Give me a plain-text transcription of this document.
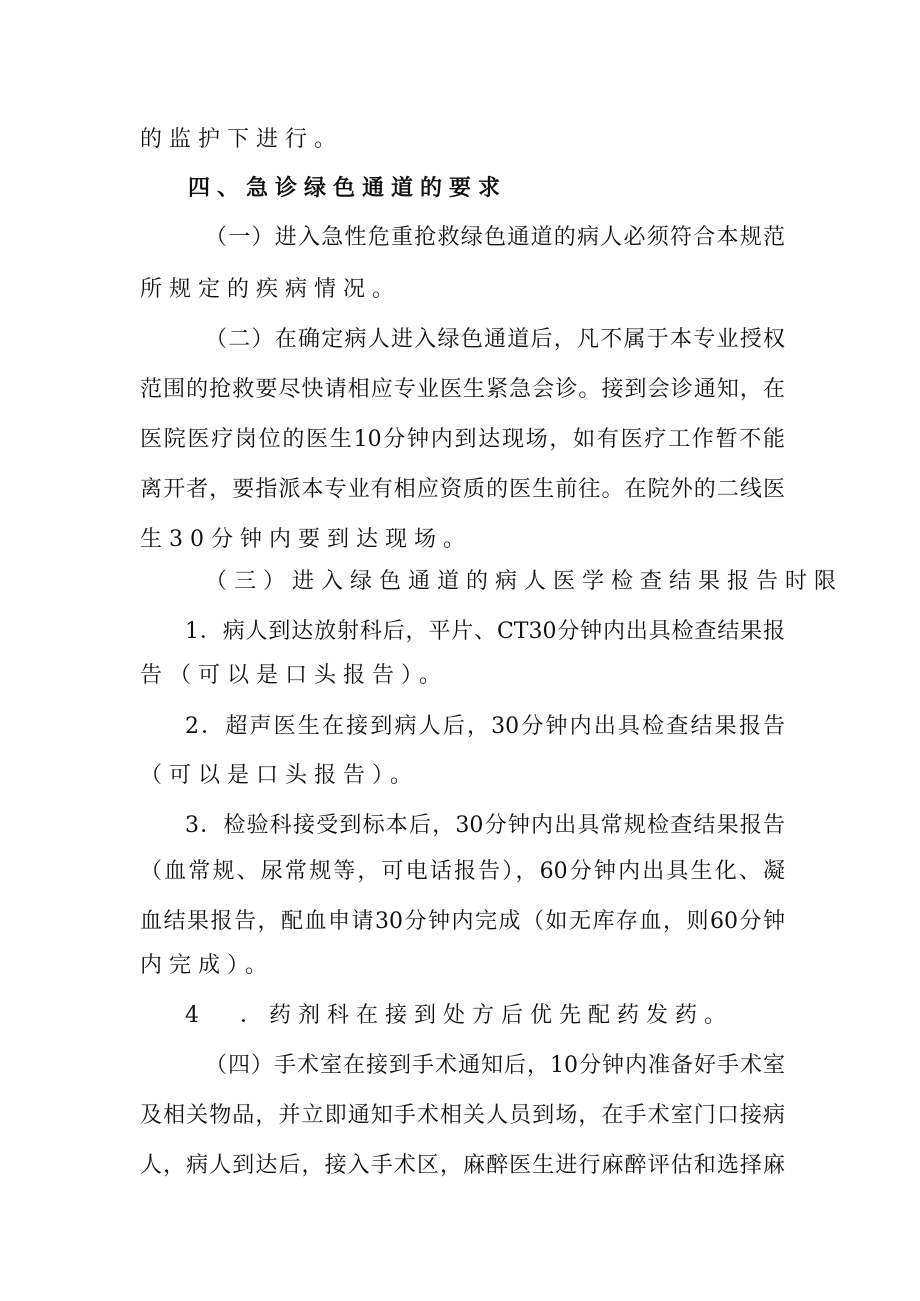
的监护下进行。
四、急诊绿色通道的要求
（一）进入急性危重抢救绿色通道的病人必须符合本规范
所规定的疾病情况。
（二）在确定病人进入绿色通道后，凡不属于本专业授权
范围的抢救要尽快请相应专业医生紧急会诊。接到会诊通知，在
医院医疗岗位的医生10分钟内到达现场，如有医疗工作暂不能
离开者，要指派本专业有相应资质的医生前往。在院外的二线医
生30分钟内要到达现场。
（三）进入绿色通道的病人医学检查结果报告时限
1．病人到达放射科后，平片、CT30分钟内出具检查结果报
告（可以是口头报告）。
2．超声医生在接到病人后，30分钟内出具检查结果报告
（可以是口头报告）。
3．检验科接受到标本后，30分钟内出具常规检查结果报告
（血常规、尿常规等，可电话报告），60分钟内出具生化、凝
血结果报告，配血申请30分钟内完成（如无库存血，则60分钟
内完成）。
4 ．药剂科在接到处方后优先配药发药。
（四）手术室在接到手术通知后，10分钟内准备好手术室
及相关物品，并立即通知手术相关人员到场，在手术室门口接病
人，病人到达后，接入手术区，麻醉医生进行麻醉评估和选择麻
